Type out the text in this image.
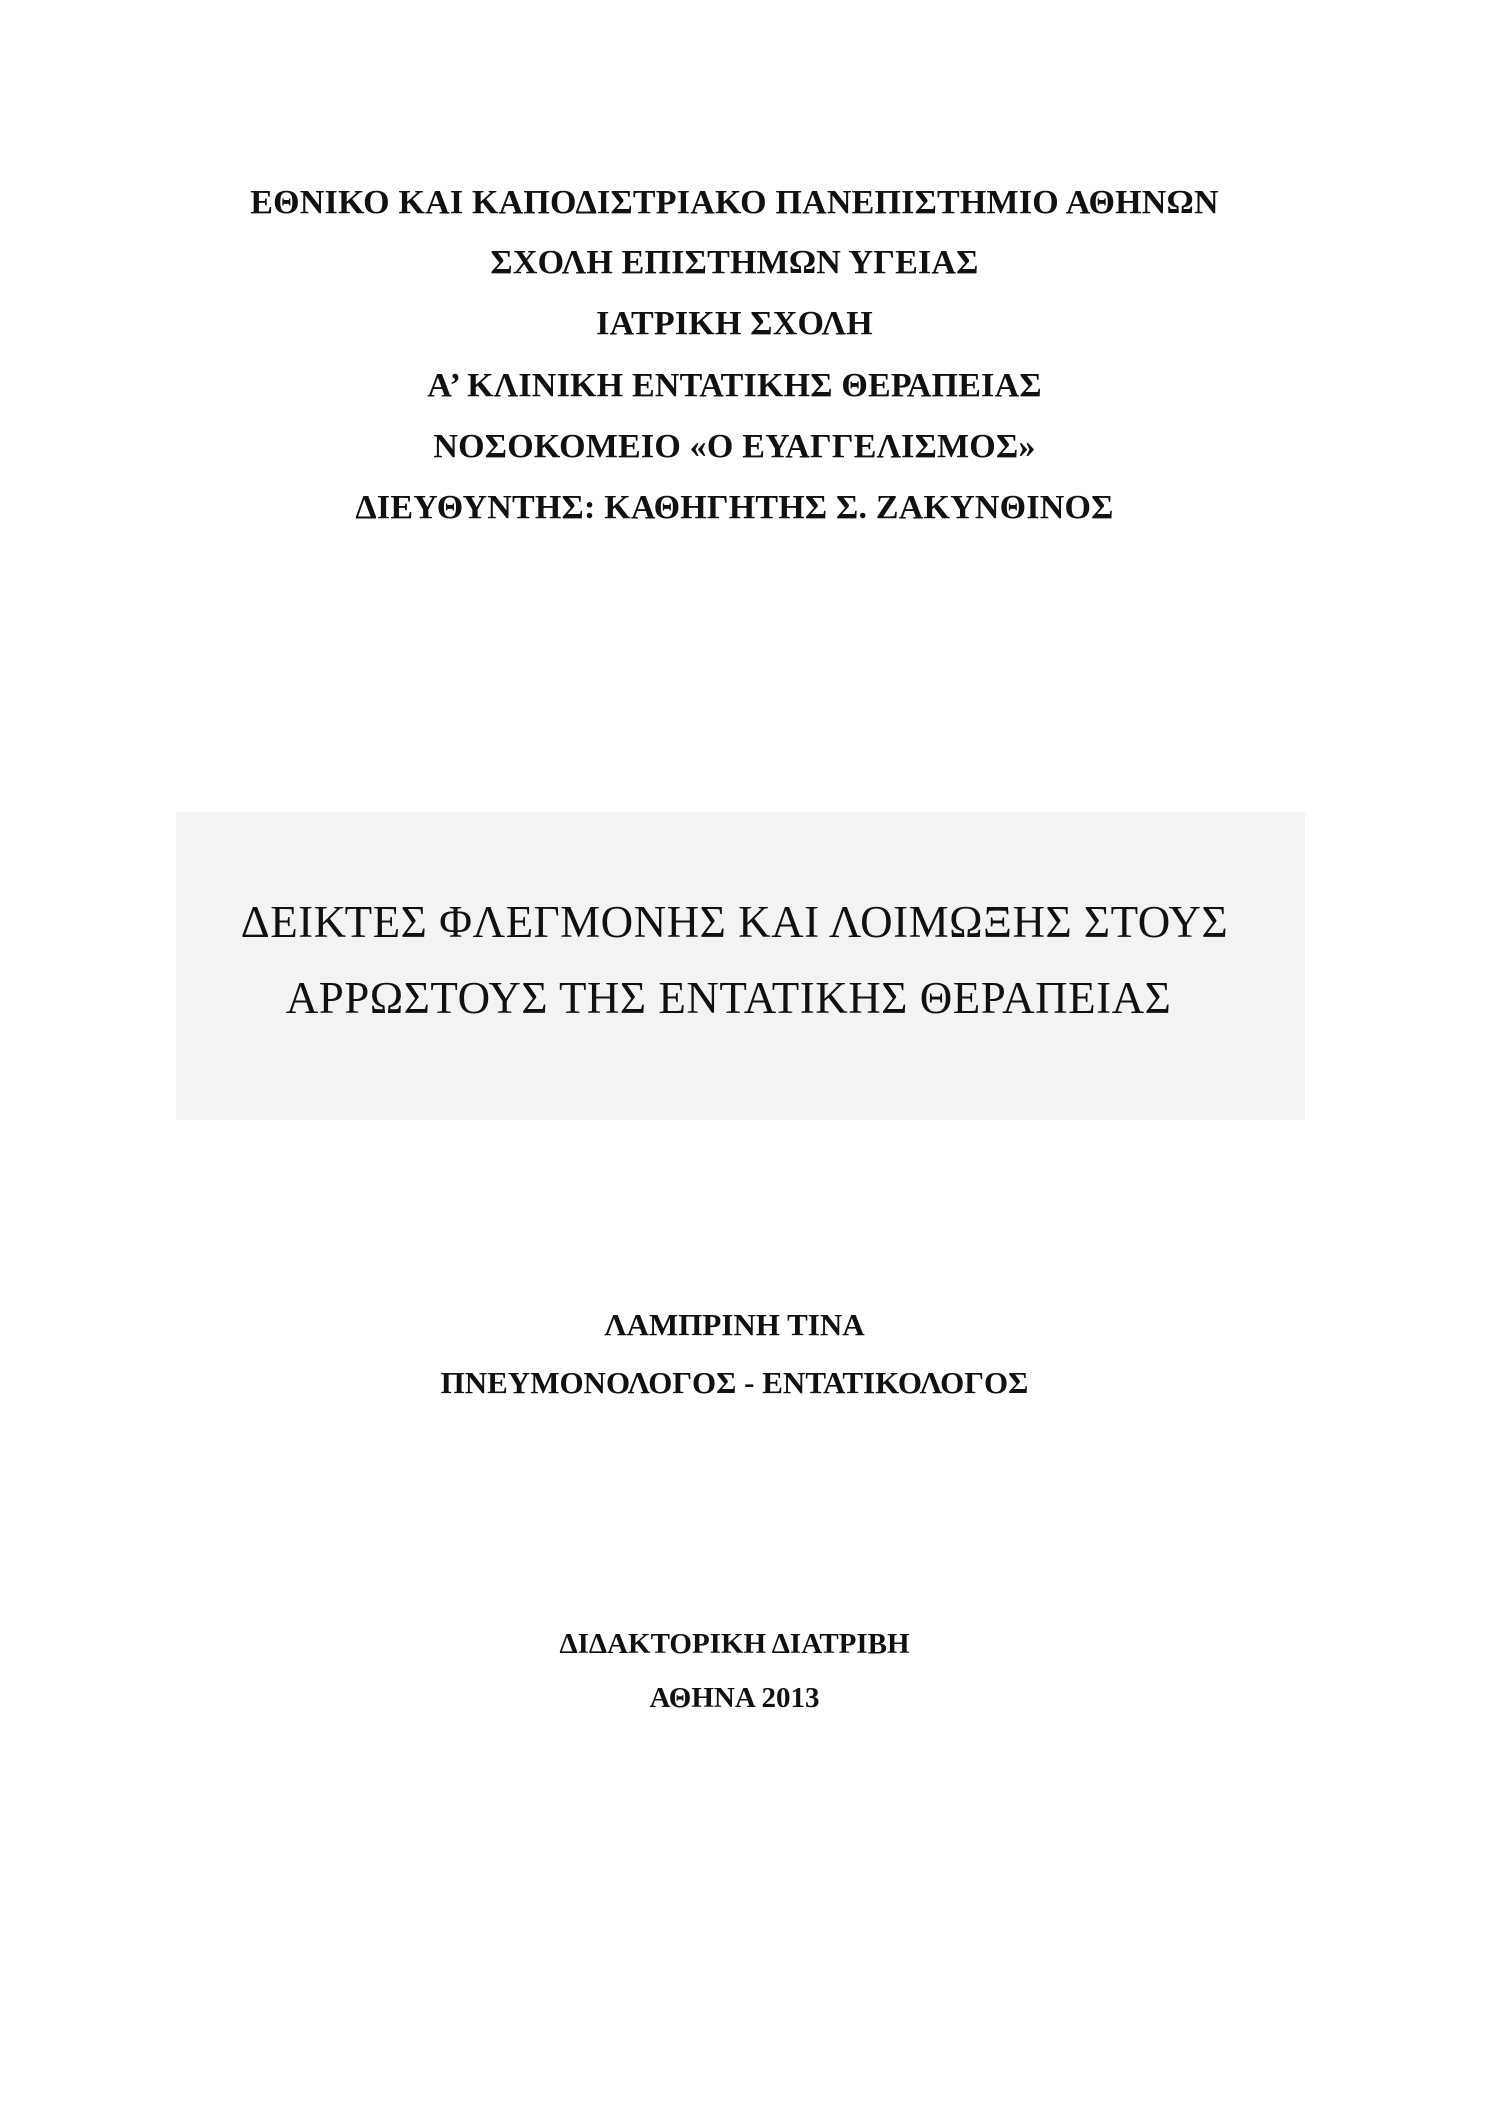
ΕΘΝΙΚΟ ΚΑΙ ΚΑΠΟΔΙΣΤΡΙΑΚΟ ΠΑΝΕΠΙΣΤΗΜΙΟ ΑΘΗΝΩΝ
ΣΧΟΛΗ ΕΠΙΣΤΗΜΩΝ ΥΓΕΙΑΣ
ΙΑΤΡΙΚΗ ΣΧΟΛΗ
Α’ ΚΛΙΝΙΚΗ ΕΝΤΑΤΙΚΗΣ ΘΕΡΑΠΕΙΑΣ
ΝΟΣΟΚΟΜΕΙΟ «Ο ΕΥΑΓΓΕΛΙΣΜΟΣ»
ΔΙΕΥΘΥΝΤΗΣ: ΚΑΘΗΓΗΤΗΣ Σ. ΖΑΚΥΝΘΙΝΟΣ
ΔΕΙΚΤΕΣ ΦΛΕΓΜΟΝΗΣ ΚΑΙ ΛΟΙΜΩΞΗΣ ΣΤΟΥΣ
ΑΡΡΩΣΤΟΥΣ ΤΗΣ ΕΝΤΑΤΙΚΗΣ ΘΕΡΑΠΕΙΑΣ
ΛΑΜΠΡΙΝΗ ΤΙΝΑ
ΠΝΕΥΜΟΝΟΛΟΓΟΣ - ΕΝΤΑΤΙΚΟΛΟΓΟΣ
ΔΙΔΑΚΤΟΡΙΚΗ ΔΙΑΤΡΙΒΗ
ΑΘΗΝΑ 2013
